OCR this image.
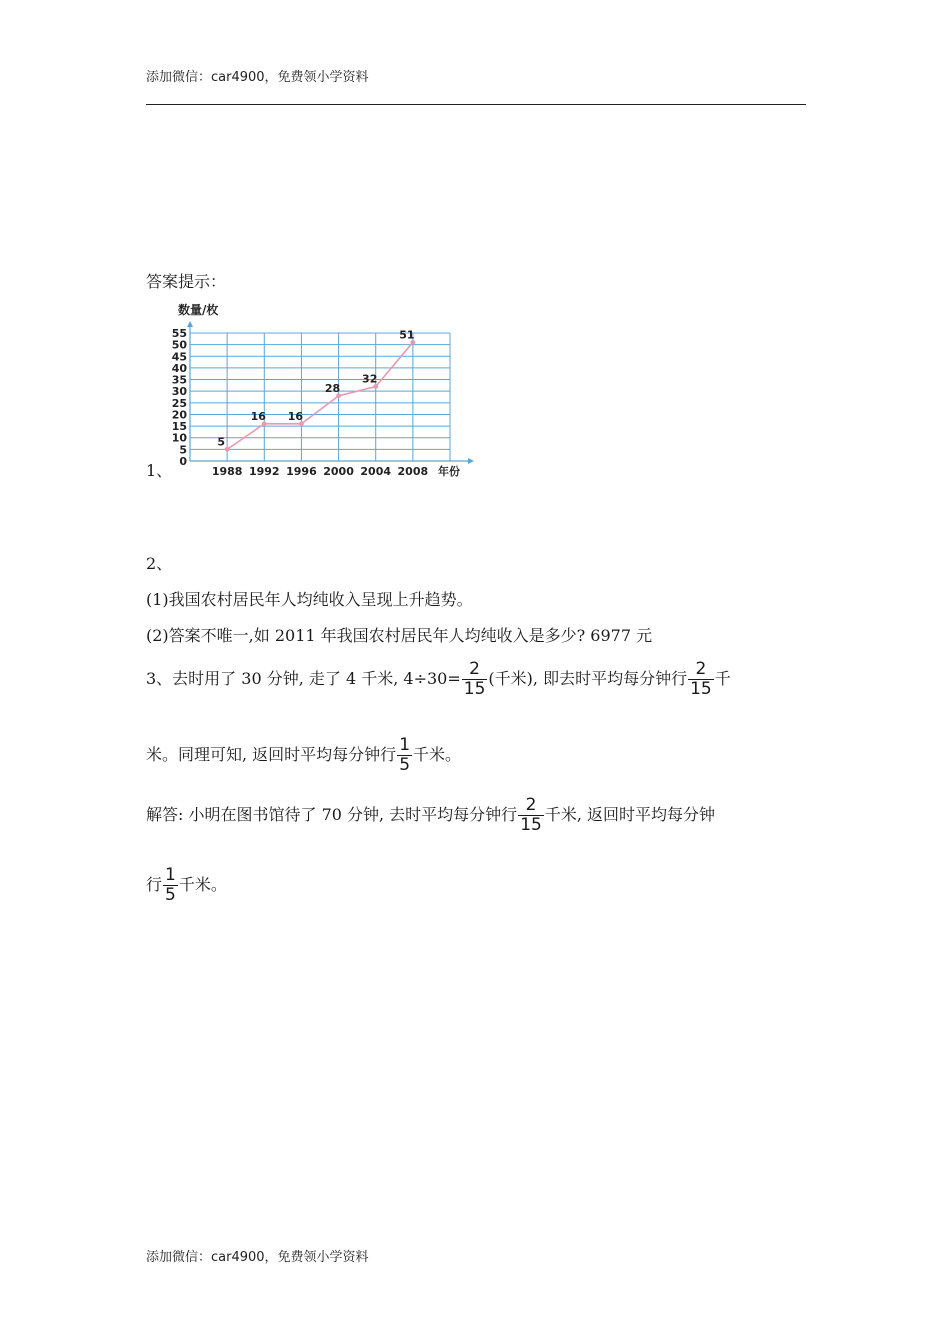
添加微信：car4900，免费领小学资料
答案提示：
0
5
10
15
20
25
30
35
40
45
50
55
数量/枚
年份
1988 1992 1996 2000 2004 2008
5
16 16
28
32
51
1、
2、
(1)我国农村居民年人均纯收入呈现上升趋势。
(2)答案不唯一,如 2011 年我国农村居民年人均纯收入是多少? 6977 元
3、去时用了 30 分钟, 走了 4 千米, $4\div 30= \frac{2}{15}$ (千米), 即去时平均每分钟行 $\frac{2}{15}$ 千
米。同理可知, 返回时平均每分钟行 $\frac{1}{5}$ 千米。
解答: 小明在图书馆待了 70 分钟, 去时平均每分钟行 $\frac{2}{15}$ 千米, 返回时平均每分钟
行 $\frac{1}{5}$ 千米。
添加微信：car4900，免费领小学资料
